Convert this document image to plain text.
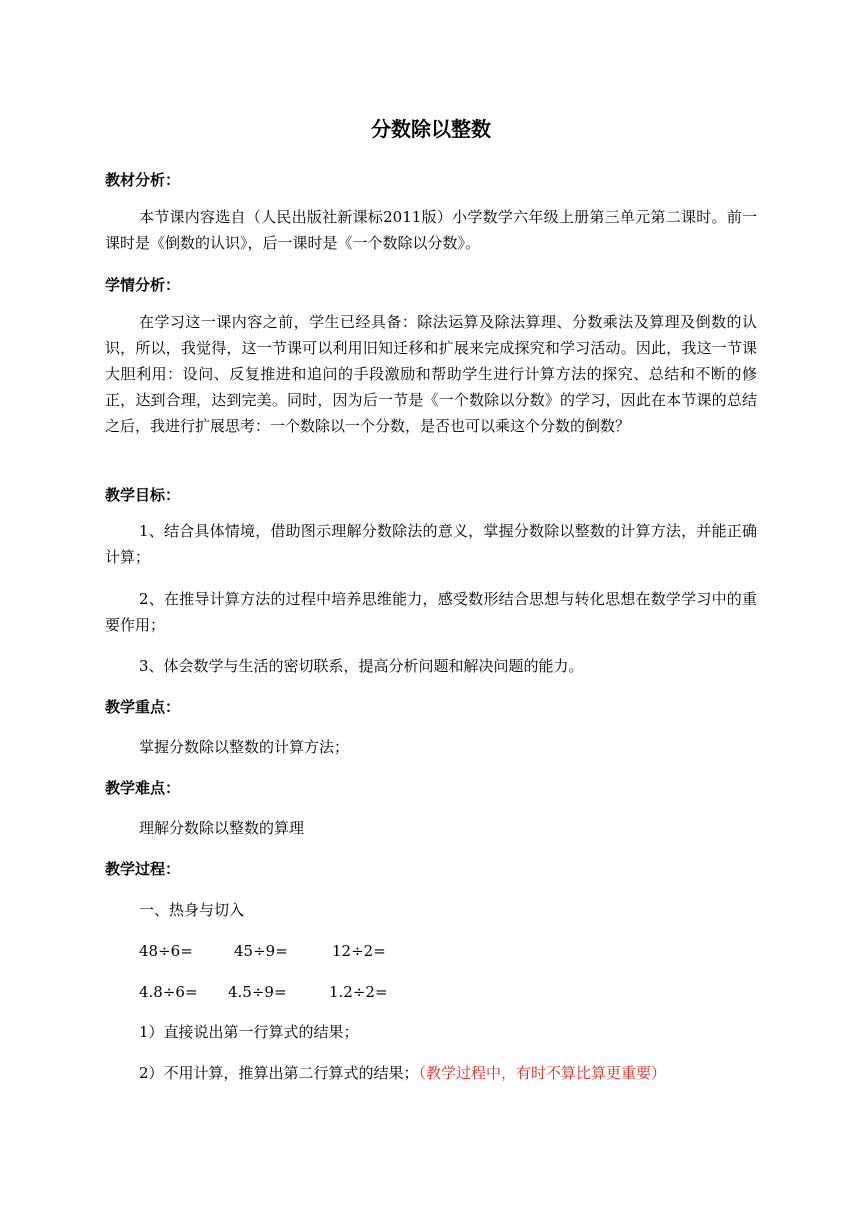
分数除以整数
教材分析：
本节课内容选自（人民出版社新课标2011版）小学数学六年级上册第三单元第二课时。前一课时是《倒数的认识》，后一课时是《一个数除以分数》。
学情分析：
在学习这一课内容之前，学生已经具备：除法运算及除法算理、分数乘法及算理及倒数的认识，所以，我觉得，这一节课可以利用旧知迁移和扩展来完成探究和学习活动。因此，我这一节课大胆利用：设问、反复推进和追问的手段激励和帮助学生进行计算方法的探究、总结和不断的修正，达到合理，达到完美。同时，因为后一节是《一个数除以分数》的学习，因此在本节课的总结之后，我进行扩展思考：一个数除以一个分数，是否也可以乘这个分数的倒数？
教学目标：
1、结合具体情境，借助图示理解分数除法的意义，掌握分数除以整数的计算方法，并能正确计算；
2、在推导计算方法的过程中培养思维能力，感受数形结合思想与转化思想在数学学习中的重要作用；
3、体会数学与生活的密切联系，提高分析问题和解决问题的能力。
教学重点：
掌握分数除以整数的计算方法；
教学难点：
理解分数除以整数的算理
教学过程：
一、热身与切入
48÷6=	45÷9=	12÷2=
4.8÷6= 4.5÷9=	1.2÷2=
1）直接说出第一行算式的结果；
2）不用计算，推算出第二行算式的结果；（教学过程中，有时不算比算更重要）
